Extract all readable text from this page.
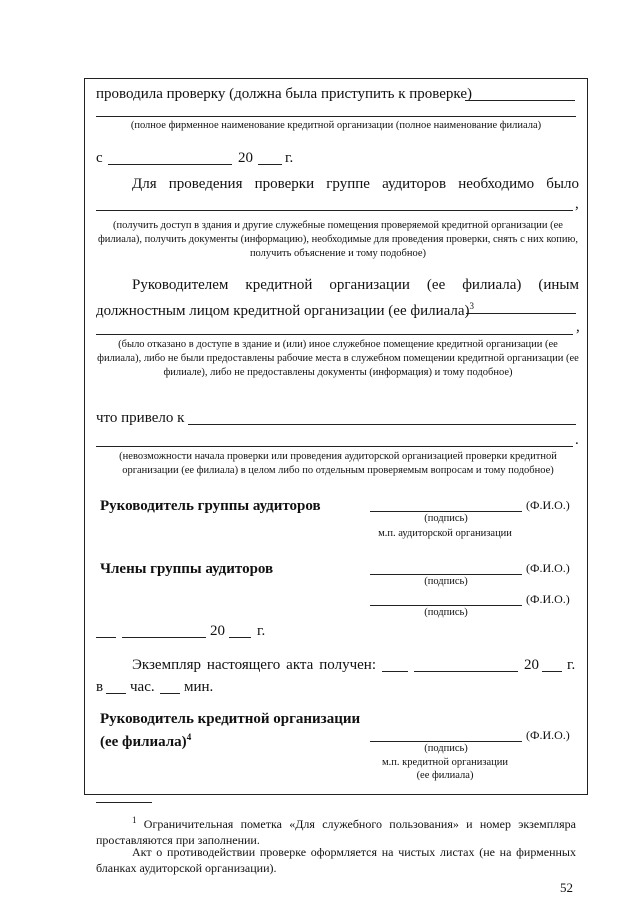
проводила проверку (должна была приступить к проверке)
(полное фирменное наименование кредитной организации (полное наименование филиала)
с	20 г.
Для проведения проверки группе аудиторов необходимо было
,
(получить доступ в здания и другие служебные помещения проверяемой кредитной организации (ее филиала), получить документы (информацию), необходимые для проведения проверки, снять с них копию, получить объяснение и тому подобное)
Руководителем кредитной организации (ее филиала) (иным
должностным лицом кредитной организации (ее филиала)$^3$
,
(было отказано в доступе в здание и (или) иное служебное помещение кредитной организации (ее филиала), либо не были предоставлены рабочие места в служебном помещении кредитной организации (ее филиале), либо не предоставлены документы (информация) и тому подобное)
что привело к
.
(невозможности начала проверки или проведения аудиторской организацией проверки кредитной организации (ее филиала) в целом либо по отдельным проверяемым вопросам и тому подобное)
Руководитель группы аудиторов	(Ф.И.О.)
(подпись)
м.п. аудиторской организации
Члены группы аудиторов	(Ф.И.О.)
(подпись)
(Ф.И.О.)
(подпись)
20 г.
Экземпляр настоящего акта получен:	20 г.
в час. мин.
Руководитель кредитной организации
(ее филиала)$^4$	(Ф.И.О.)
(подпись)
м.п. кредитной организации
(ее филиала)
$^1$ Ограничительная пометка «Для служебного пользования» и номер экземпляра проставляются при заполнении.
Акт о противодействии проверке оформляется на чистых листах (не на фирменных бланках аудиторской организации).
52
